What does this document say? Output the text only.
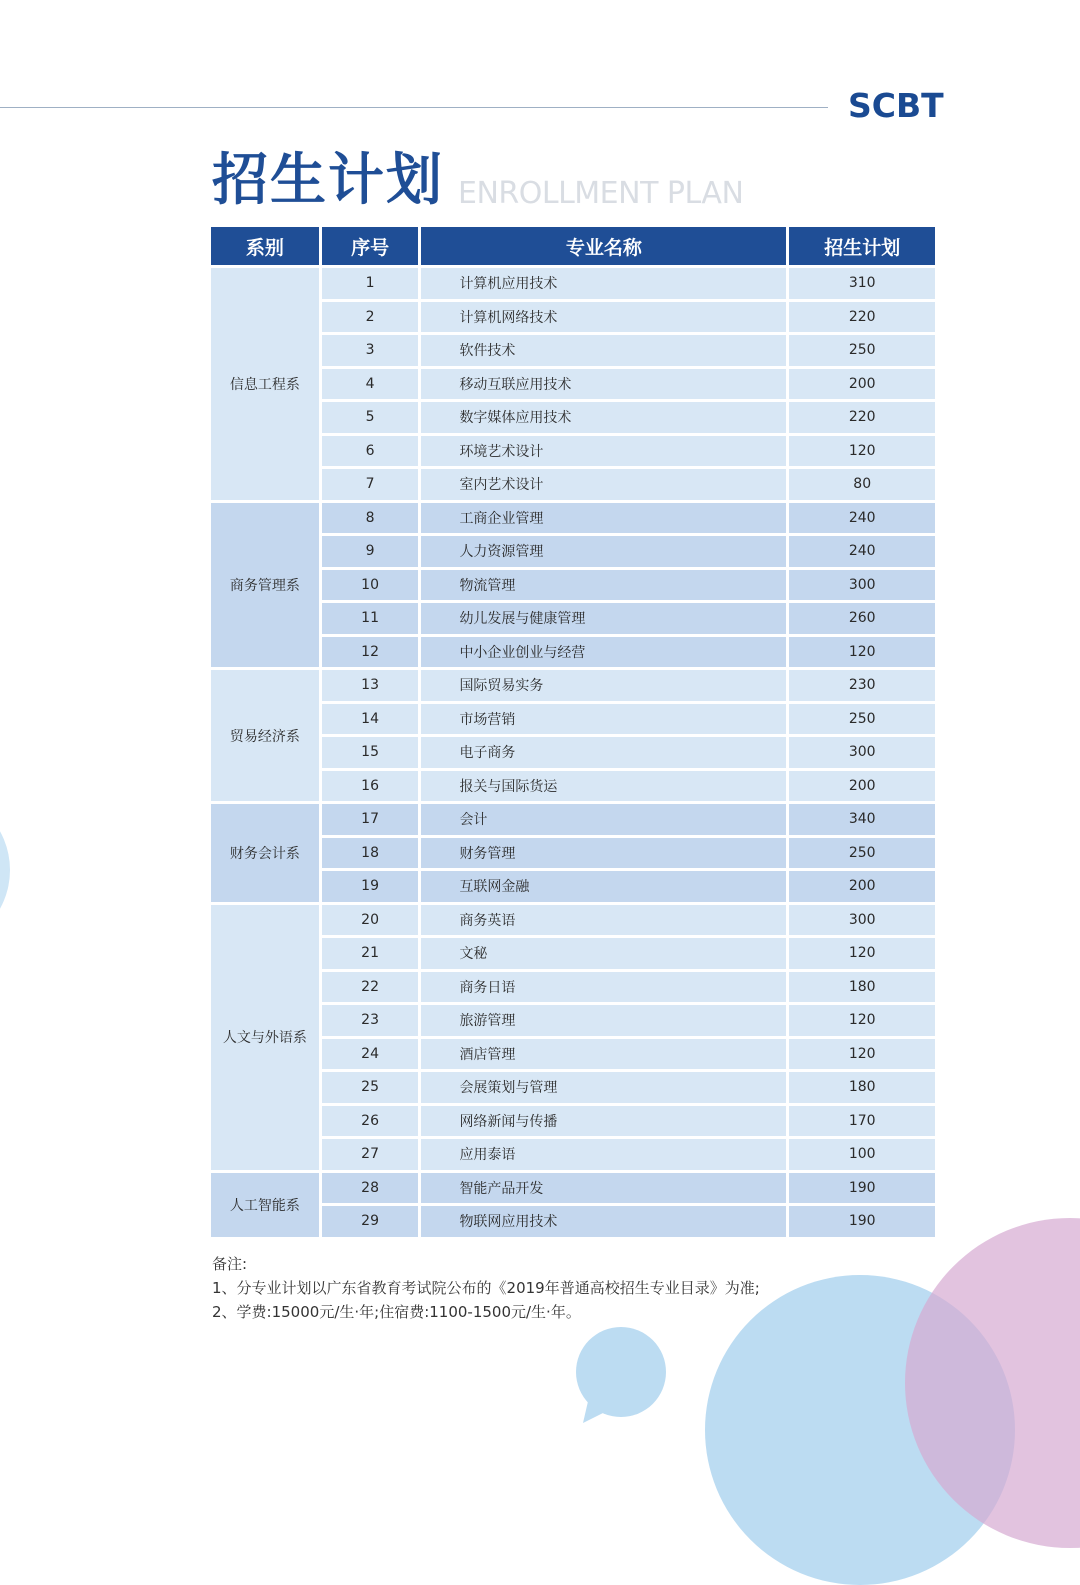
SCBT
招生计划 ENROLLMENT PLAN
系别	序号	专业名称	招生计划
信息工程系	1	计算机应用技术	310
	2	计算机网络技术	220
	3	软件技术	250
	4	移动互联应用技术	200
	5	数字媒体应用技术	220
	6	环境艺术设计	120
	7	室内艺术设计	80
商务管理系	8	工商企业管理	240
	9	人力资源管理	240
	10	物流管理	300
	11	幼儿发展与健康管理	260
	12	中小企业创业与经营	120
贸易经济系	13	国际贸易实务	230
	14	市场营销	250
	15	电子商务	300
	16	报关与国际货运	200
财务会计系	17	会计	340
	18	财务管理	250
	19	互联网金融	200
人文与外语系	20	商务英语	300
	21	文秘	120
	22	商务日语	180
	23	旅游管理	120
	24	酒店管理	120
	25	会展策划与管理	180
	26	网络新闻与传播	170
	27	应用泰语	100
人工智能系	28	智能产品开发	190
	29	物联网应用技术	190
备注:
1、分专业计划以广东省教育考试院公布的《2019年普通高校招生专业目录》为准;
2、学费:15000元/生·年;住宿费:1100-1500元/生·年。
